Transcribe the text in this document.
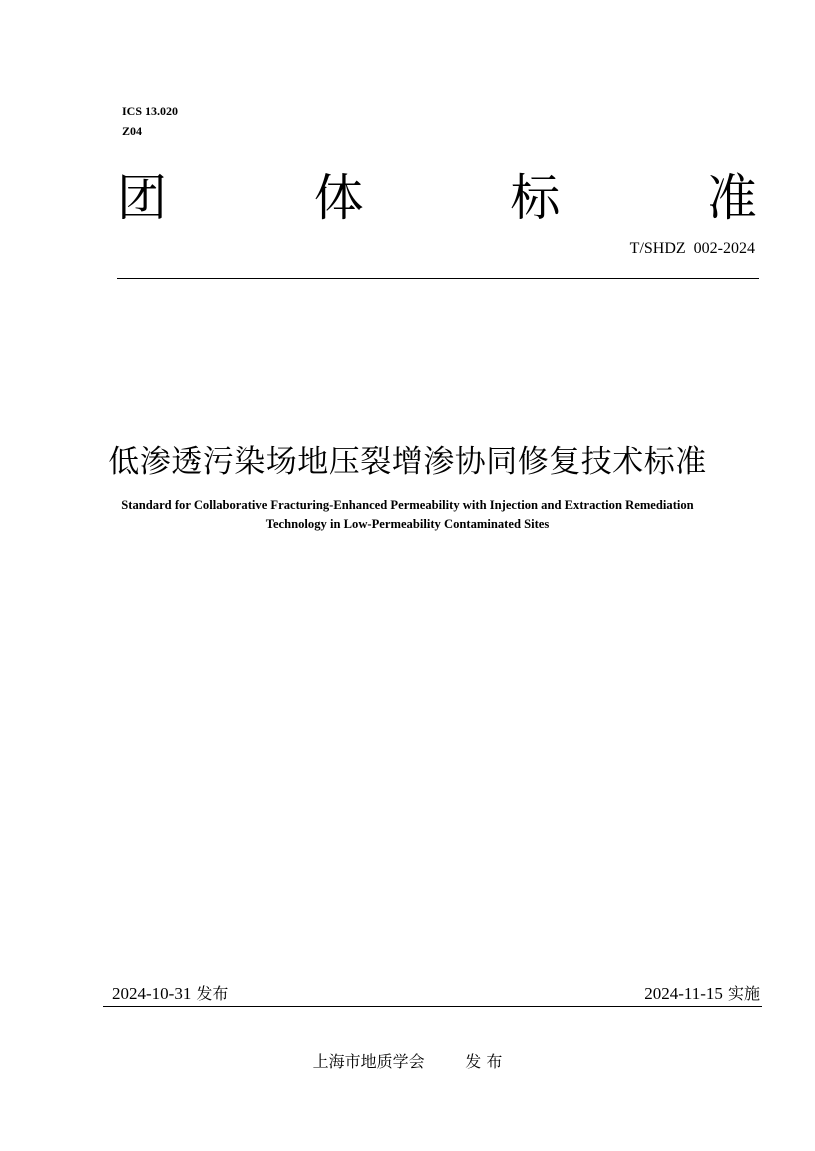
ICS 13.020
Z04
团	体	标	准
T/SHDZ  002-2024
低渗透污染场地压裂增渗协同修复技术标准
Standard for Collaborative Fracturing-Enhanced Permeability with Injection and Extraction Remediation
Technology in Low-Permeability Contaminated Sites
2024-10-31 发布	2024-11-15 实施
上海市地质学会	发 布
